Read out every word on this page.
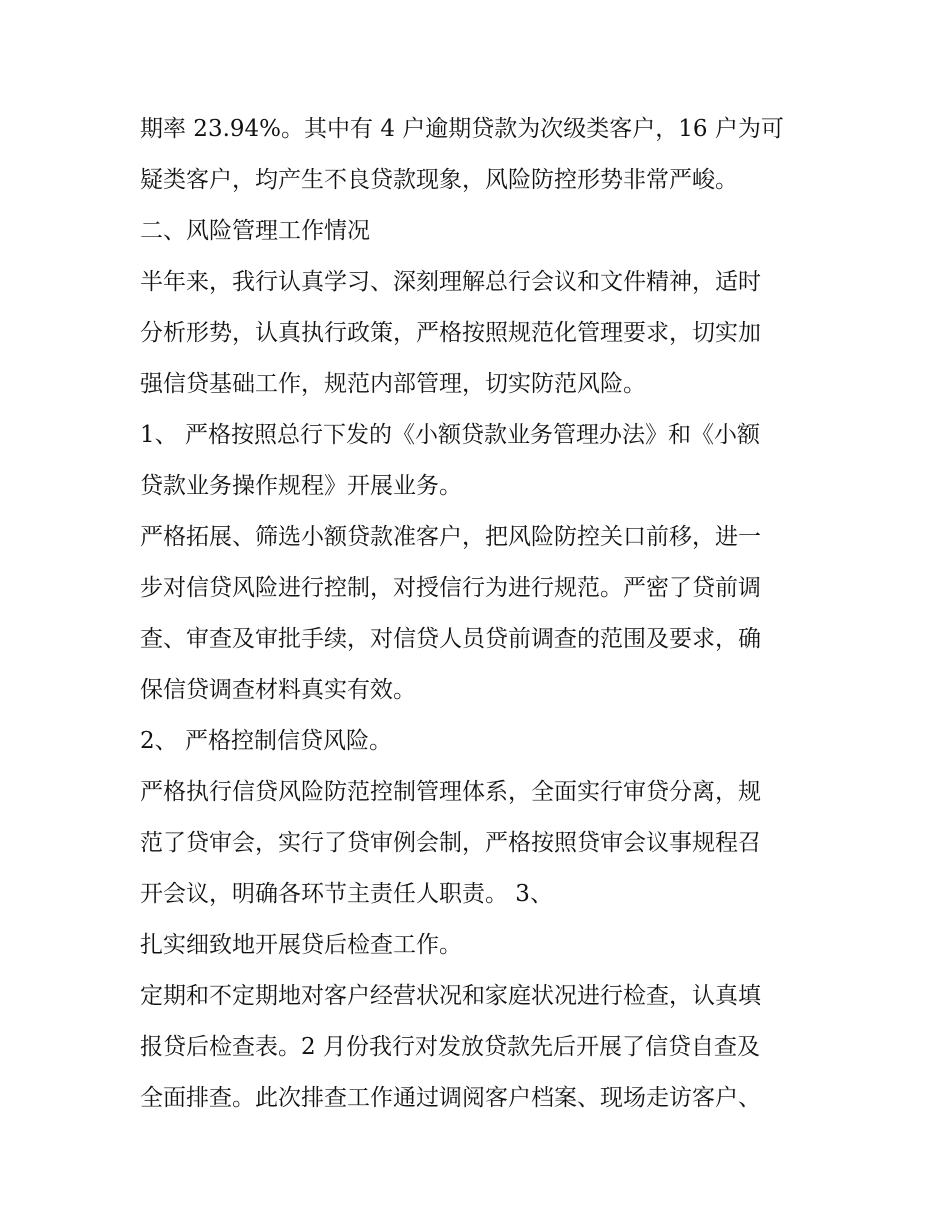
期率 23.94%。其中有 4 户逾期贷款为次级类客户，16 户为可
疑类客户，均产生不良贷款现象，风险防控形势非常严峻。
二、风险管理工作情况
半年来，我行认真学习、深刻理解总行会议和文件精神，适时
分析形势，认真执行政策，严格按照规范化管理要求，切实加
强信贷基础工作，规范内部管理，切实防范风险。
1、 严格按照总行下发的《小额贷款业务管理办法》和《小额
贷款业务操作规程》开展业务。
严格拓展、筛选小额贷款准客户，把风险防控关口前移，进一
步对信贷风险进行控制，对授信行为进行规范。严密了贷前调
查、审查及审批手续，对信贷人员贷前调查的范围及要求，确
保信贷调查材料真实有效。
2、 严格控制信贷风险。
严格执行信贷风险防范控制管理体系，全面实行审贷分离，规
范了贷审会，实行了贷审例会制，严格按照贷审会议事规程召
开会议，明确各环节主责任人职责。 3、
扎实细致地开展贷后检查工作。
定期和不定期地对客户经营状况和家庭状况进行检查，认真填
报贷后检查表。2 月份我行对发放贷款先后开展了信贷自查及
全面排查。此次排查工作通过调阅客户档案、现场走访客户、
